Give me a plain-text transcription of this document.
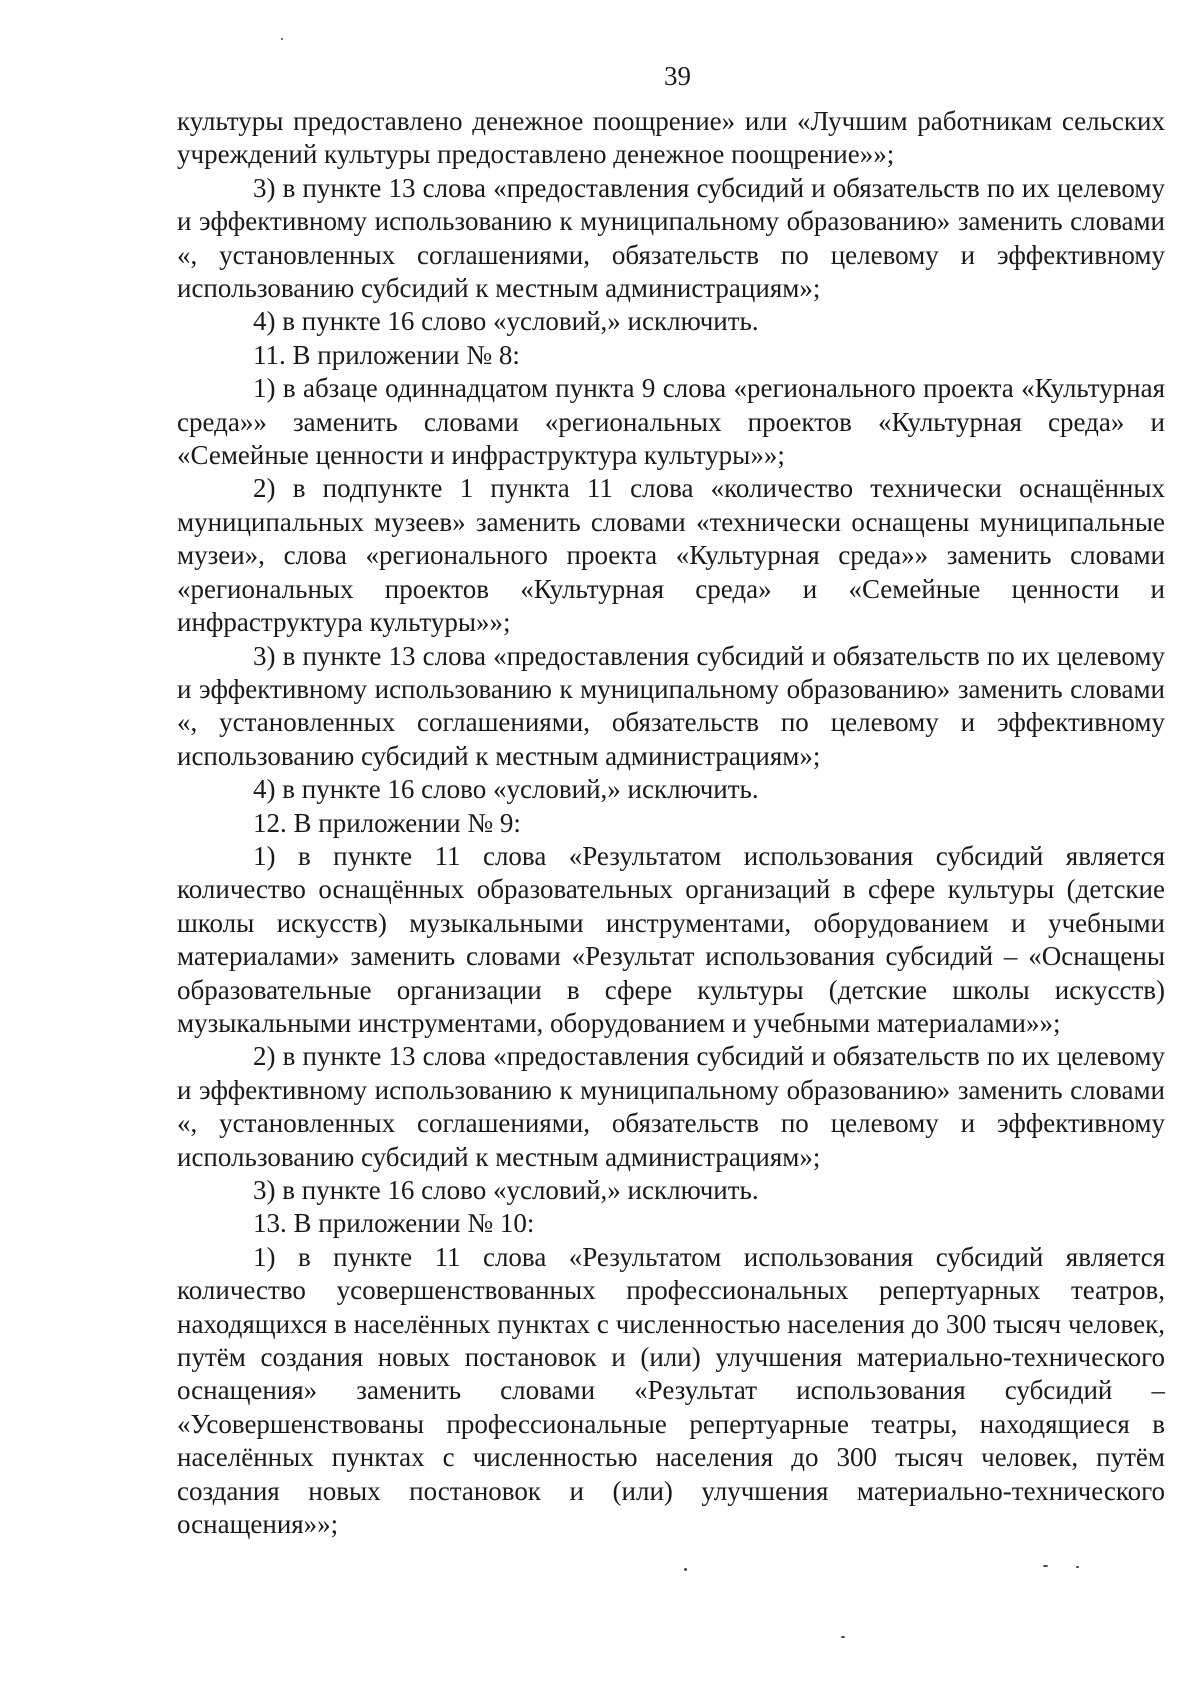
39

культуры предоставлено денежное поощрение» или «Лучшим работникам сельских учреждений культуры предоставлено денежное поощрение»»;

3) в пункте 13 слова «предоставления субсидий и обязательств по их целевому и эффективному использованию к муниципальному образованию» заменить словами «, установленных соглашениями, обязательств по целевому и эффективному использованию субсидий к местным администрациям»;

4) в пункте 16 слово «условий,» исключить.

11. В приложении № 8:

1) в абзаце одиннадцатом пункта 9 слова «регионального проекта «Культурная среда»» заменить словами «региональных проектов «Культурная среда» и «Семейные ценности и инфраструктура культуры»»;

2) в подпункте 1 пункта 11 слова «количество технически оснащённых муниципальных музеев» заменить словами «технически оснащены муниципальные музеи», слова «регионального проекта «Культурная среда»» заменить словами «региональных проектов «Культурная среда» и «Семейные ценности и инфраструктура культуры»»;

3) в пункте 13 слова «предоставления субсидий и обязательств по их целевому и эффективному использованию к муниципальному образованию» заменить словами «, установленных соглашениями, обязательств по целевому и эффективному использованию субсидий к местным администрациям»;

4) в пункте 16 слово «условий,» исключить.

12. В приложении № 9:

1) в пункте 11 слова «Результатом использования субсидий является количество оснащённых образовательных организаций в сфере культуры (детские школы искусств) музыкальными инструментами, оборудованием и учебными материалами» заменить словами «Результат использования субсидий – «Оснащены образовательные организации в сфере культуры (детские школы искусств) музыкальными инструментами, оборудованием и учебными материалами»»;

2) в пункте 13 слова «предоставления субсидий и обязательств по их целевому и эффективному использованию к муниципальному образованию» заменить словами «, установленных соглашениями, обязательств по целевому и эффективному использованию субсидий к местным администрациям»;

3) в пункте 16 слово «условий,» исключить.

13. В приложении № 10:

1) в пункте 11 слова «Результатом использования субсидий является количество усовершенствованных профессиональных репертуарных театров, находящихся в населённых пунктах с численностью населения до 300 тысяч человек, путём создания новых постановок и (или) улучшения материально-технического оснащения» заменить словами «Результат использования субсидий – «Усовершенствованы профессиональные репертуарные театры, находящиеся в населённых пунктах с численностью населения до 300 тысяч человек, путём создания новых постановок и (или) улучшения материально-технического оснащения»»;
